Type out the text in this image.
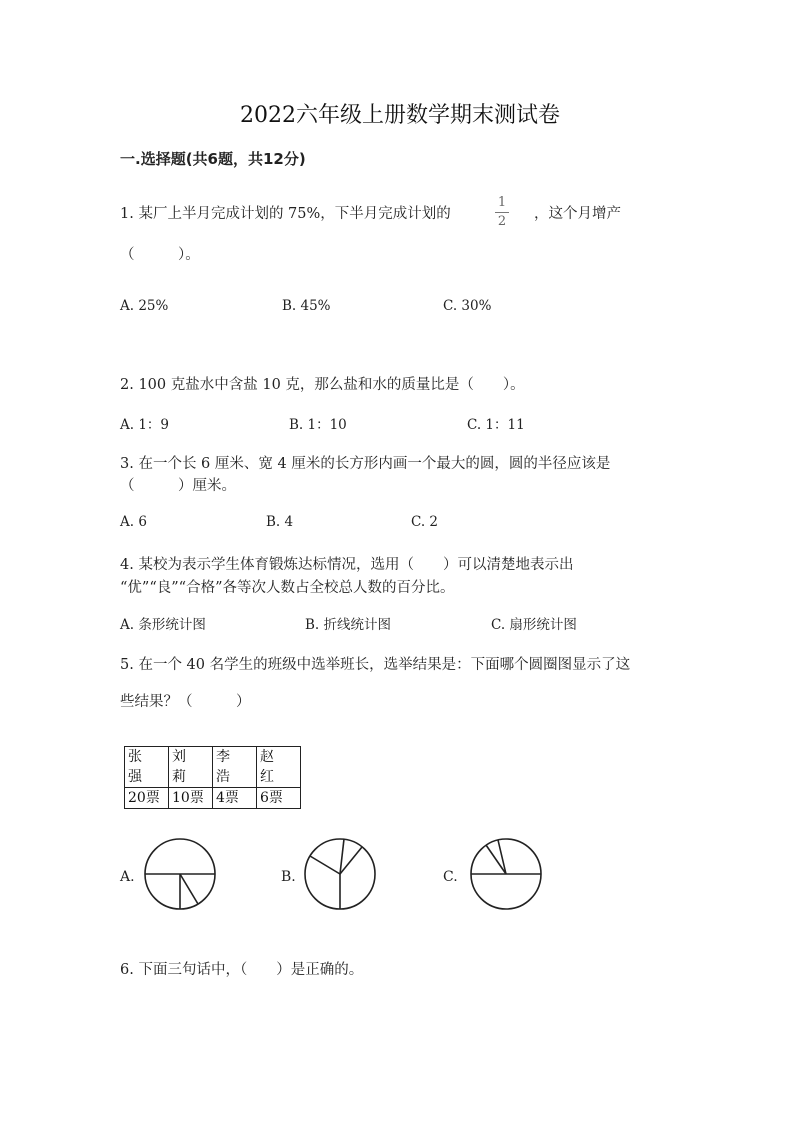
2022六年级上册数学期末测试卷
一.选择题(共6题，共12分)
1. 某厂上半月完成计划的 75%，下半月完成计划的
1
2 ，这个月增产
（　　　）。
A. 25%	B. 45%	C. 30%
2. 100 克盐水中含盐 10 克，那么盐和水的质量比是（　　）。
A. 1：9	B. 1：10	C. 1：11
3. 在一个长 6 厘米、宽 4 厘米的长方形内画一个最大的圆，圆的半径应该是
（　　　）厘米。
A. 6	B. 4	C. 2
4. 某校为表示学生体育锻炼达标情况，选用（　　）可以清楚地表示出
“优”“良”“合格”各等次人数占全校总人数的百分比。
A. 条形统计图	B. 折线统计图	C. 扇形统计图
5. 在一个 40 名学生的班级中选举班长，选举结果是：下面哪个圆圈图显示了这
些结果？（　　　）
张 强	刘 莉	李 浩	赵 红
20票	10票	4票	6票
A.	B.	C.
6. 下面三句话中，（　　）是正确的。
